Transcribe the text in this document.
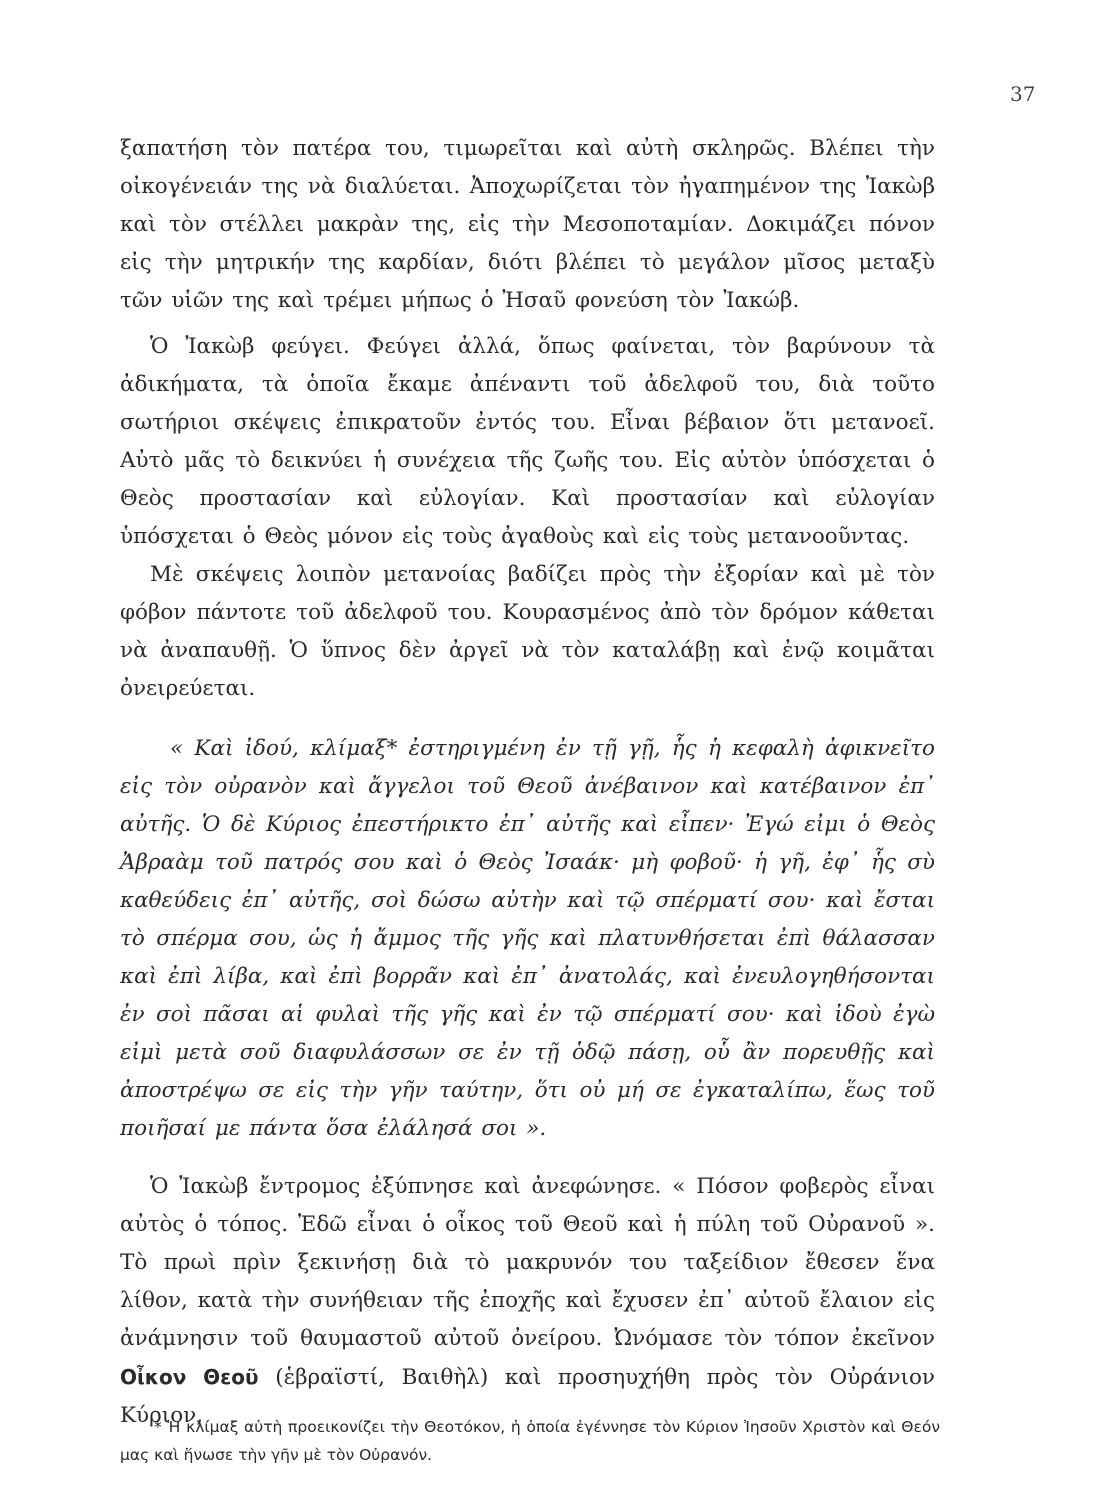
37

ξαπατήση τὸν πατέρα του, τιμωρεῖται καὶ αὐτὴ σκληρῶς. Βλέπει τὴν οἰκογένειάν της νὰ διαλύεται. Ἀποχωρίζεται τὸν ἠγαπημένον της Ἰακὼβ καὶ τὸν στέλλει μακρὰν της, εἰς τὴν Μεσοποταμίαν. Δοκιμάζει πόνον εἰς τὴν μητρικήν της καρδίαν, διότι βλέπει τὸ μεγάλον μῖσος μεταξὺ τῶν υἱῶν της καὶ τρέμει μήπως ὁ Ἠσαῦ φονεύση τὸν Ἰακώβ.

Ὁ Ἰακὼβ φεύγει. Φεύγει ἀλλά, ὅπως φαίνεται, τὸν βαρύνουν τὰ ἀδικήματα, τὰ ὁποῖα ἔκαμε ἀπέναντι τοῦ ἀδελφοῦ του, διὰ τοῦτο σωτήριοι σκέψεις ἐπικρατοῦν ἐντός του. Εἶναι βέβαιον ὅτι μετανοεῖ. Αὐτὸ μᾶς τὸ δεικνύει ἡ συνέχεια τῆς ζωῆς του. Εἰς αὐτὸν ὑπόσχεται ὁ Θεὸς προστασίαν καὶ εὐλογίαν. Καὶ προστασίαν καὶ εὐλογίαν ὑπόσχεται ὁ Θεὸς μόνον εἰς τοὺς ἀγαθοὺς καὶ εἰς τοὺς μετανοοῦντας.

Μὲ σκέψεις λοιπὸν μετανοίας βαδίζει πρὸς τὴν ἐξορίαν καὶ μὲ τὸν φόβον πάντοτε τοῦ ἀδελφοῦ του. Κουρασμένος ἀπὸ τὸν δρόμον κάθεται νὰ ἀναπαυθῇ. Ὁ ὕπνος δὲν ἀργεῖ νὰ τὸν καταλάβῃ καὶ ἐνῷ κοιμᾶται ὀνειρεύεται.

« Καὶ ἰδού, κλίμαξ* ἐστηριγμένη ἐν τῇ γῇ, ἧς ἡ κεφαλὴ ἀφικνεῖτο εἰς τὸν οὐρανὸν καὶ ἄγγελοι τοῦ Θεοῦ ἀνέβαινον καὶ κατέβαινον ἐπ᾿ αὐτῆς. Ὁ δὲ Κύριος ἐπεστήρικτο ἐπ᾿ αὐτῆς καὶ εἶπεν· Ἐγώ εἰμι ὁ Θεὸς Ἀβραὰμ τοῦ πατρός σου καὶ ὁ Θεὸς Ἰσαάκ· μὴ φοβοῦ· ἡ γῆ, ἐφ᾿ ἧς σὺ καθεύδεις ἐπ᾿ αὐτῆς, σοὶ δώσω αὐτὴν καὶ τῷ σπέρματί σου· καὶ ἔσται τὸ σπέρμα σου, ὡς ἡ ἄμμος τῆς γῆς καὶ πλατυνθήσεται ἐπὶ θάλασσαν καὶ ἐπὶ λίβα, καὶ ἐπὶ βορρᾶν καὶ ἐπ᾿ ἀνατολάς, καὶ ἐνευλογηθήσονται ἐν σοὶ πᾶσαι αἱ φυλαὶ τῆς γῆς καὶ ἐν τῷ σπέρματί σου· καὶ ἰδοὺ ἐγὼ εἰμὶ μετὰ σοῦ διαφυλάσσων σε ἐν τῇ ὁδῷ πάσῃ, οὗ ἂν πορευθῇς καὶ ἀποστρέψω σε εἰς τὴν γῆν ταύτην, ὅτι οὐ μή σε ἐγκαταλίπω, ἕως τοῦ ποιῆσαί με πάντα ὅσα ἐλάλησά σοι ».

Ὁ Ἰακὼβ ἔντρομος ἐξύπνησε καὶ ἀνεφώνησε. « Πόσον φοβερὸς εἶναι αὐτὸς ὁ τόπος. Ἐδῶ εἶναι ὁ οἶκος τοῦ Θεοῦ καὶ ἡ πύλη τοῦ Οὐρανοῦ ». Τὸ πρωὶ πρὶν ξεκινήσῃ διὰ τὸ μακρυνόν του ταξείδιον ἔθεσεν ἕνα λίθον, κατὰ τὴν συνήθειαν τῆς ἐποχῆς καὶ ἔχυσεν ἐπ᾿ αὐτοῦ ἔλαιον εἰς ἀνάμνησιν τοῦ θαυμαστοῦ αὐτοῦ ὀνείρου. Ὠνόμασε τὸν τόπον ἐκεῖνον Οἶκον Θεοῦ (ἑβραϊστί, Βαιθὴλ) καὶ προσηυχήθη πρὸς τὸν Οὐράνιον Κύριον,

* Ἡ κλίμαξ αὐτὴ προεικονίζει τὴν Θεοτόκον, ἡ ὁποία ἐγέννησε τὸν Κύριον Ἰησοῦν Χριστὸν καὶ Θεόν μας καὶ ἥνωσε τὴν γῆν μὲ τὸν Οὐρανόν.
